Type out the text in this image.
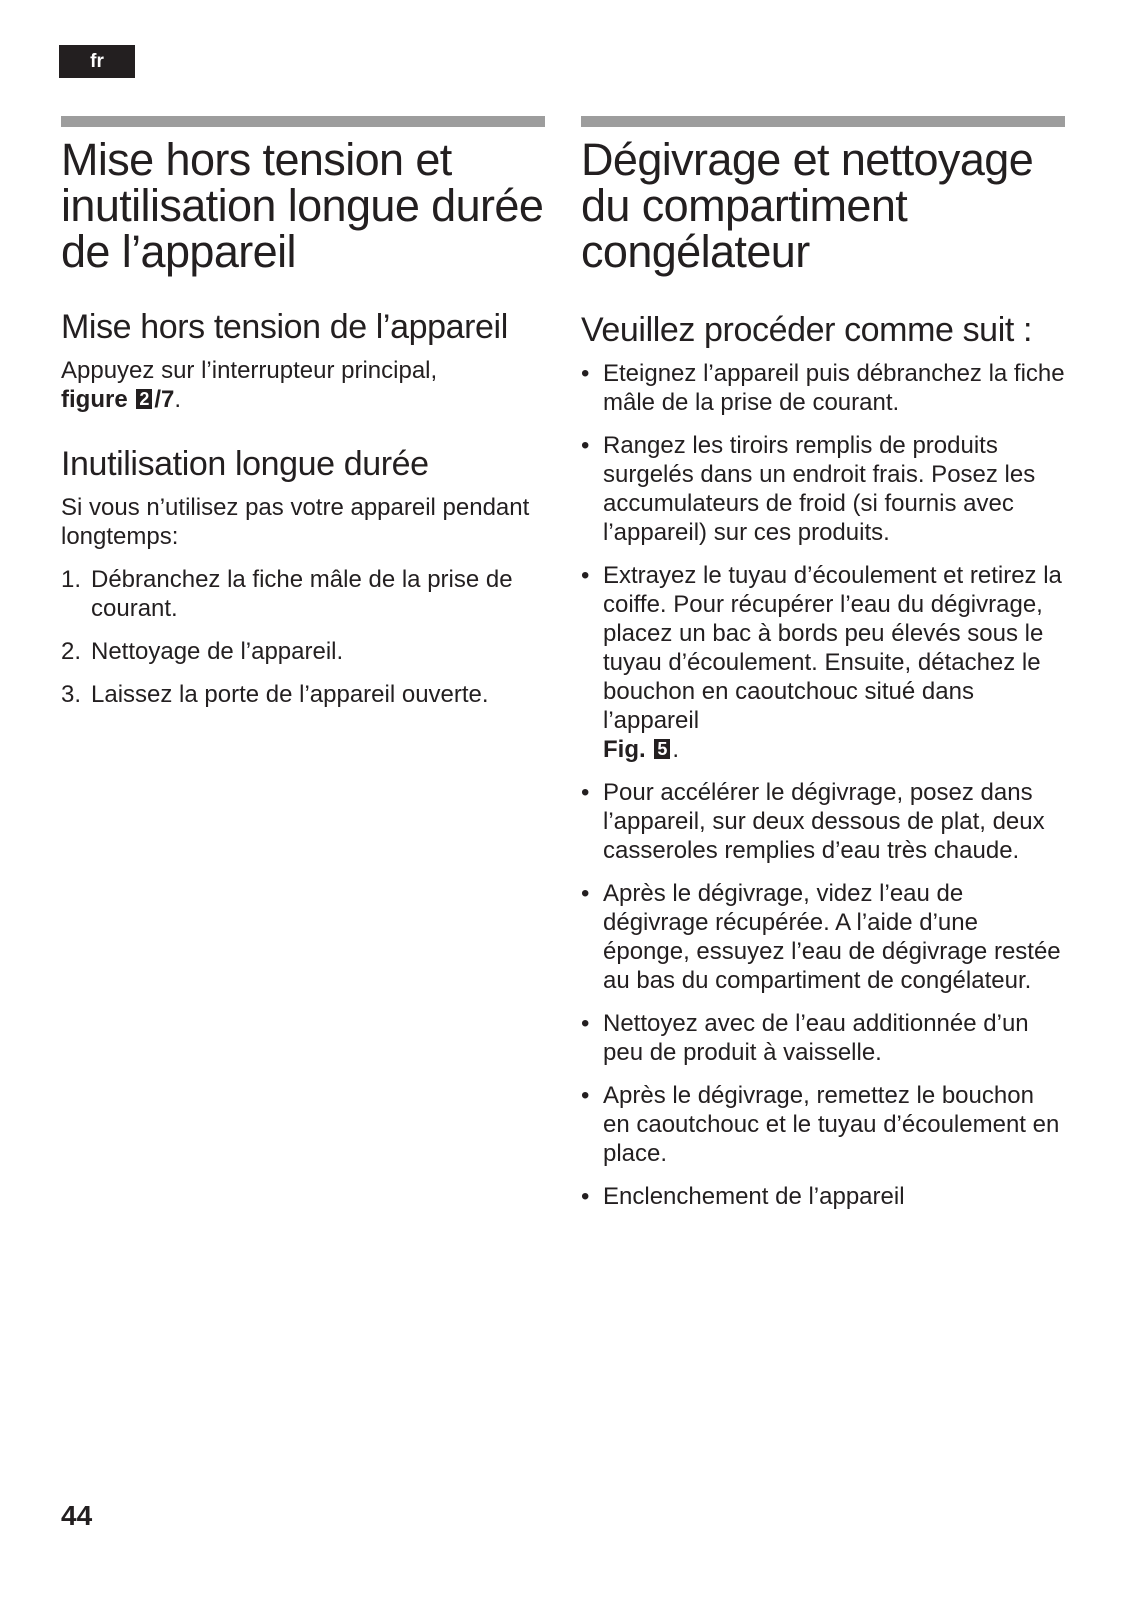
fr
Mise hors tension et inutilisation longue durée de l’appareil
Mise hors tension de l’appareil

Appuyez sur l’interrupteur principal,
figure 2 /7.

Inutilisation longue durée

Si vous n’utilisez pas votre appareil pendant longtemps:

1. Débranchez la fiche mâle de la prise de courant.
2. Nettoyage de l’appareil.
3. Laissez la porte de l’appareil ouverte.
Dégivrage et nettoyage du compartiment congélateur
Veuillez procéder comme suit :
• Eteignez l’appareil puis débranchez la fiche mâle de la prise de courant.
• Rangez les tiroirs remplis de produits surgelés dans un endroit frais. Posez les accumulateurs de froid (si fournis avec l’appareil) sur ces produits.
• Extrayez le tuyau d’écoulement et retirez la coiffe. Pour récupérer l’eau du dégivrage, placez un bac à bords peu élevés sous le tuyau d’écoulement. Ensuite, détachez le bouchon en caoutchouc situé dans l’appareil
Fig. 5 .
• Pour accélérer le dégivrage, posez dans l’appareil, sur deux dessous de plat, deux casseroles remplies d’eau très chaude.
• Après le dégivrage, videz l’eau de dégivrage récupérée. A l’aide d’une éponge, essuyez l’eau de dégivrage restée au bas du compartiment de congélateur.
• Nettoyez avec de l’eau additionnée d’un peu de produit à vaisselle.
• Après le dégivrage, remettez le bouchon en caoutchouc et le tuyau d’écoulement en place.
• Enclenchement de l’appareil
44
